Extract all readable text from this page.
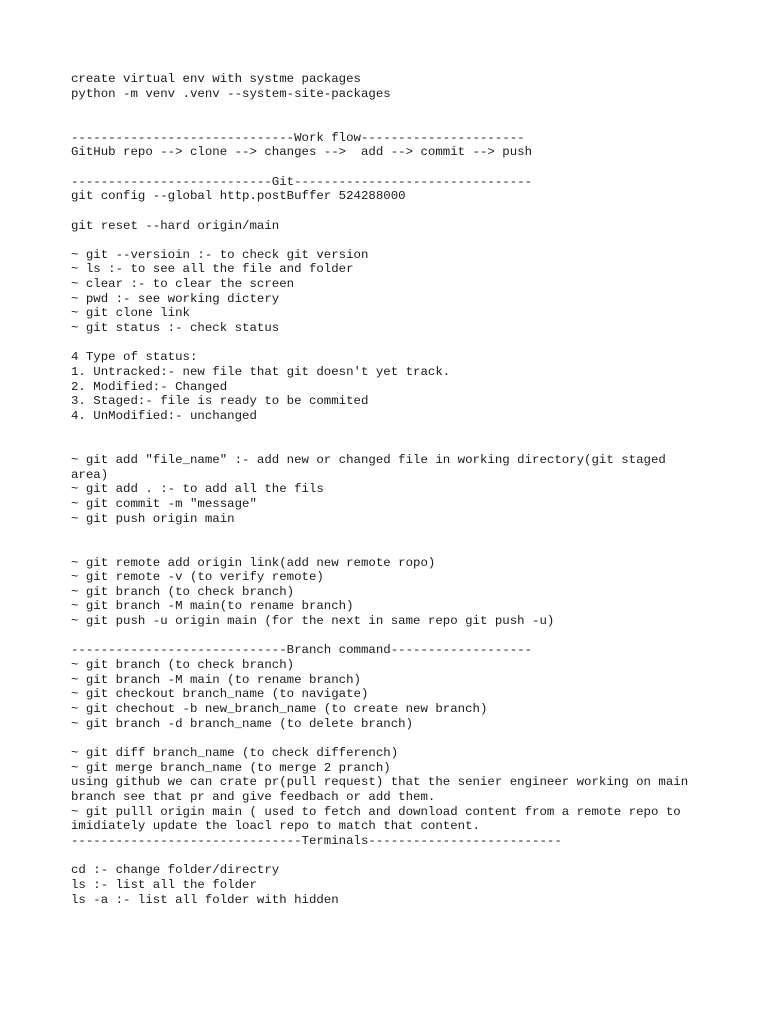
create virtual env with systme packages
python -m venv .venv --system-site-packages
------------------------------Work flow----------------------
GitHub repo --> clone --> changes -->  add --> commit --> push
---------------------------Git--------------------------------
git config --global http.postBuffer 524288000
git reset --hard origin/main
~ git --versioin :- to check git version
~ ls :- to see all the file and folder
~ clear :- to clear the screen
~ pwd :- see working dictery
~ git clone link
~ git status :- check status
4 Type of status:
1. Untracked:- new file that git doesn't yet track.
2. Modified:- Changed
3. Staged:- file is ready to be commited
4. UnModified:- unchanged
~ git add "file_name" :- add new or changed file in working directory(git staged
area)
~ git add . :- to add all the fils
~ git commit -m "message"
~ git push origin main
~ git remote add origin link(add new remote ropo)
~ git remote -v (to verify remote)
~ git branch (to check branch)
~ git branch -M main(to rename branch)
~ git push -u origin main (for the next in same repo git push -u)
-----------------------------Branch command-------------------
~ git branch (to check branch)
~ git branch -M main (to rename branch)
~ git checkout branch_name (to navigate)
~ git chechout -b new_branch_name (to create new branch)
~ git branch -d branch_name (to delete branch)
~ git diff branch_name (to check differench)
~ git merge branch_name (to merge 2 pranch)
using github we can crate pr(pull request) that the senier engineer working on main
branch see that pr and give feedbach or add them.
~ git pulll origin main ( used to fetch and download content from a remote repo to
imidiately update the loacl repo to match that content.
-------------------------------Terminals--------------------------
cd :- change folder/directry
ls :- list all the folder
ls -a :- list all folder with hidden
